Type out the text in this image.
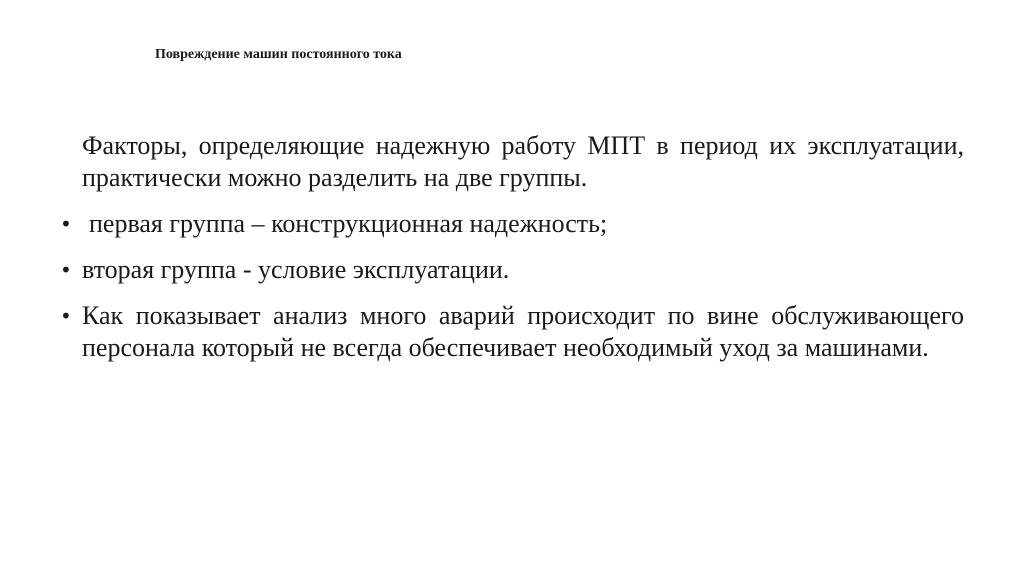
Повреждение машин постоянного тока

Факторы, определяющие надежную работу МПТ в период их эксплуатации, практически можно разделить на две группы.

• первая группа – конструкционная надежность;
• вторая группа - условие эксплуатации.
• Как показывает анализ много аварий происходит по вине обслуживающего персонала который не всегда обеспечивает необходимый уход за машинами.
